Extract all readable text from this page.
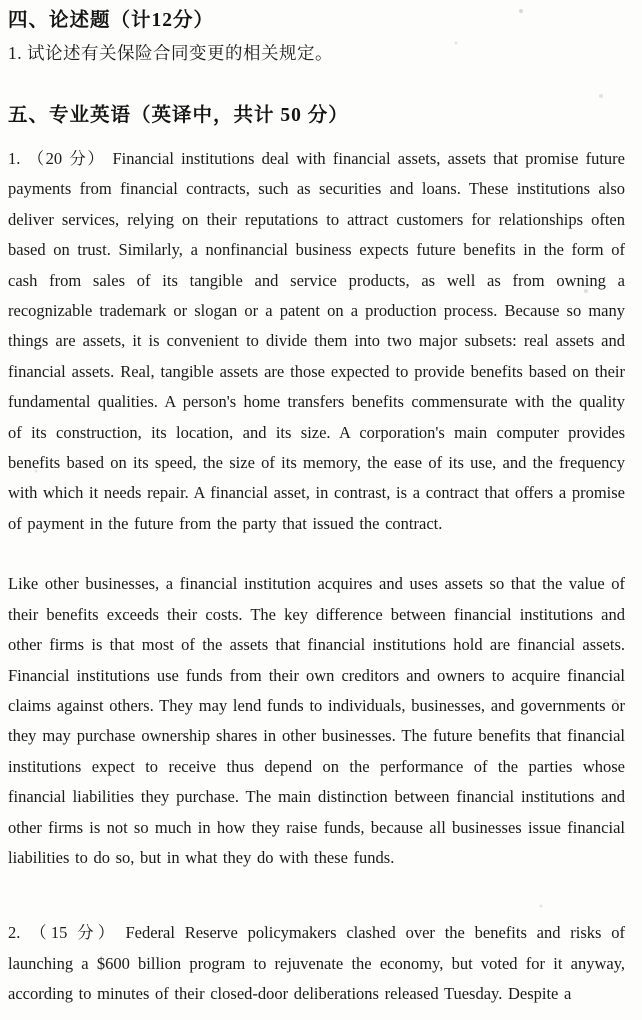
四、论述题（计12分）
1. 试论述有关保险合同变更的相关规定。
五、专业英语（英译中，共计 50 分）

1. （20 分） Financial institutions deal with financial assets, assets that promise future payments from financial contracts, such as securities and loans. These institutions also deliver services, relying on their reputations to attract customers for relationships often based on trust. Similarly, a nonfinancial business expects future benefits in the form of cash from sales of its tangible and service products, as well as from owning a recognizable trademark or slogan or a patent on a production process. Because so many things are assets, it is convenient to divide them into two major subsets: real assets and financial assets. Real, tangible assets are those expected to provide benefits based on their fundamental qualities. A person's home transfers benefits commensurate with the quality of its construction, its location, and its size. A corporation's main computer provides benefits based on its speed, the size of its memory, the ease of its use, and the frequency with which it needs repair. A financial asset, in contrast, is a contract that offers a promise of payment in the future from the party that issued the contract.

Like other businesses, a financial institution acquires and uses assets so that the value of their benefits exceeds their costs. The key difference between financial institutions and other firms is that most of the assets that financial institutions hold are financial assets. Financial institutions use funds from their own creditors and owners to acquire financial claims against others. They may lend funds to individuals, businesses, and governments or they may purchase ownership shares in other businesses. The future benefits that financial institutions expect to receive thus depend on the performance of the parties whose financial liabilities they purchase. The main distinction between financial institutions and other firms is not so much in how they raise funds, because all businesses issue financial liabilities to do so, but in what they do with these funds.

2. （15 分） Federal Reserve policymakers clashed over the benefits and risks of launching a $600 billion program to rejuvenate the economy, but voted for it anyway, according to minutes of their closed-door deliberations released Tuesday. Despite a
